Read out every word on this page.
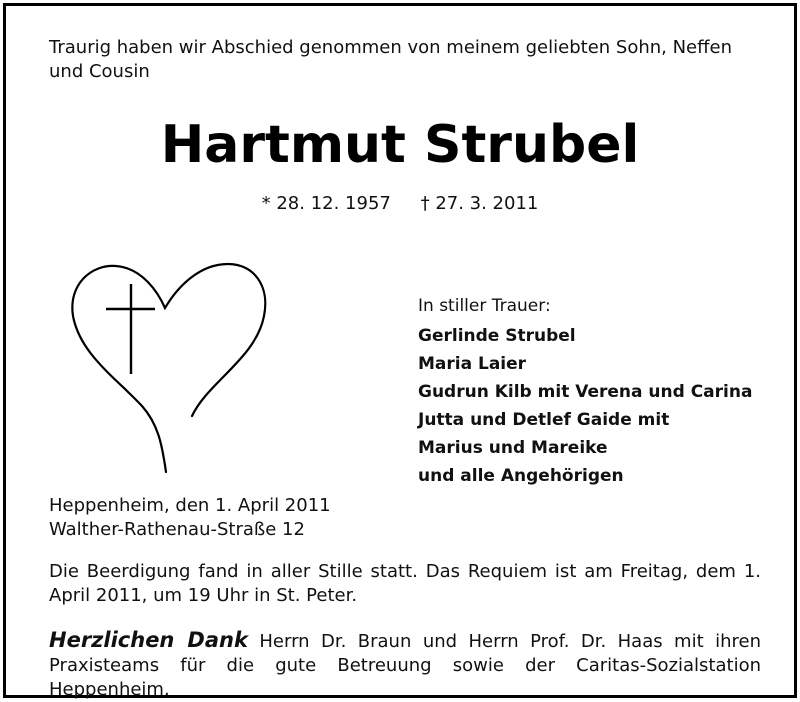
Traurig haben wir Abschied genommen von meinem geliebten Sohn, Neffen und Cousin
Hartmut Strubel
* 28. 12. 1957 † 27. 3. 2011
In stiller Trauer:
Gerlinde Strubel
Maria Laier
Gudrun Kilb mit Verena und Carina
Jutta und Detlef Gaide mit
Marius und Mareike
und alle Angehörigen
Heppenheim, den 1. April 2011
Walther-Rathenau-Straße 12
Die Beerdigung fand in aller Stille statt. Das Requiem ist am Freitag, dem 1. April 2011, um 19 Uhr in St. Peter.
Herzlichen Dank Herrn Dr. Braun und Herrn Prof. Dr. Haas mit ihren Praxisteams für die gute Betreuung sowie der Caritas-Sozialstation Heppenheim.
